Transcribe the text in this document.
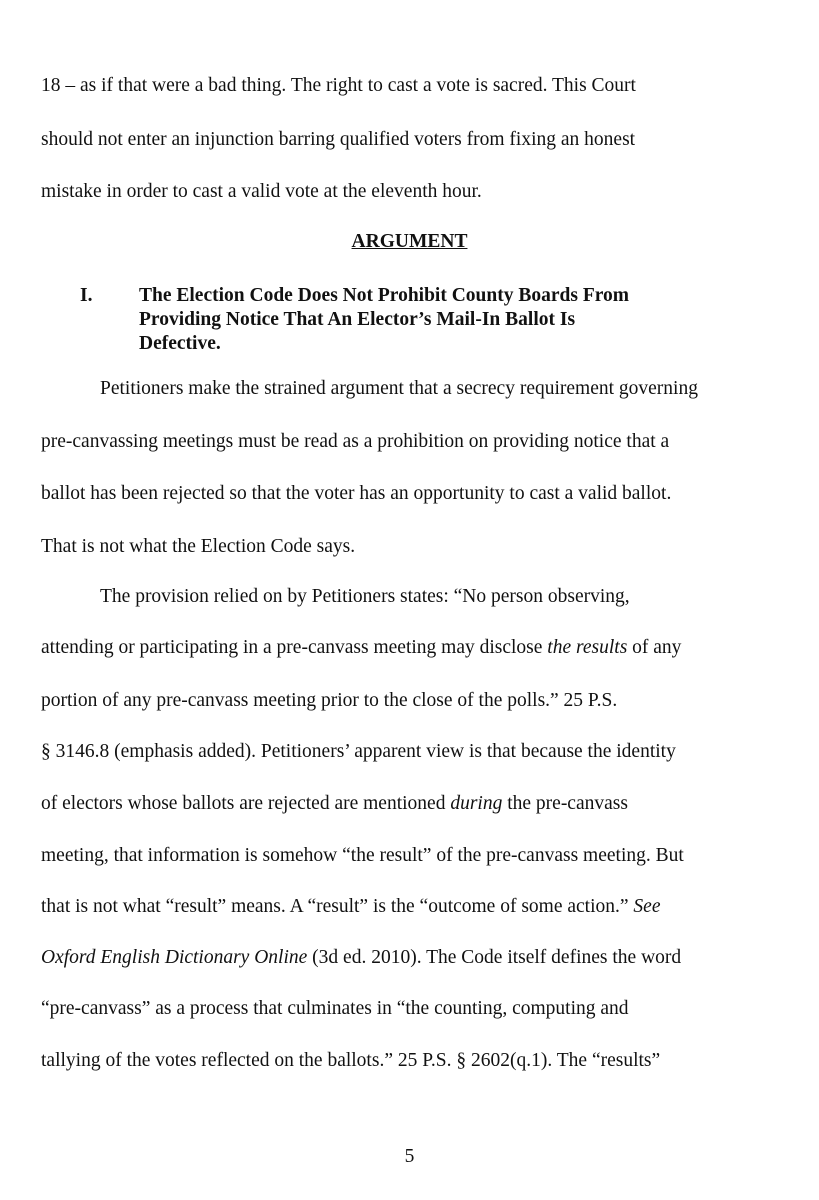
18 – as if that were a bad thing. The right to cast a vote is sacred. This Court
should not enter an injunction barring qualified voters from fixing an honest
mistake in order to cast a valid vote at the eleventh hour.
ARGUMENT
I. The Election Code Does Not Prohibit County Boards From
Providing Notice That An Elector’s Mail-In Ballot Is
Defective.
Petitioners make the strained argument that a secrecy requirement governing
pre-canvassing meetings must be read as a prohibition on providing notice that a
ballot has been rejected so that the voter has an opportunity to cast a valid ballot.
That is not what the Election Code says.
The provision relied on by Petitioners states: “No person observing,
attending or participating in a pre-canvass meeting may disclose the results of any
portion of any pre-canvass meeting prior to the close of the polls.” 25 P.S.
§ 3146.8 (emphasis added). Petitioners’ apparent view is that because the identity
of electors whose ballots are rejected are mentioned during the pre-canvass
meeting, that information is somehow “the result” of the pre-canvass meeting. But
that is not what “result” means. A “result” is the “outcome of some action.” See
Oxford English Dictionary Online (3d ed. 2010). The Code itself defines the word
“pre-canvass” as a process that culminates in “the counting, computing and
tallying of the votes reflected on the ballots.” 25 P.S. § 2602(q.1). The “results”
5
